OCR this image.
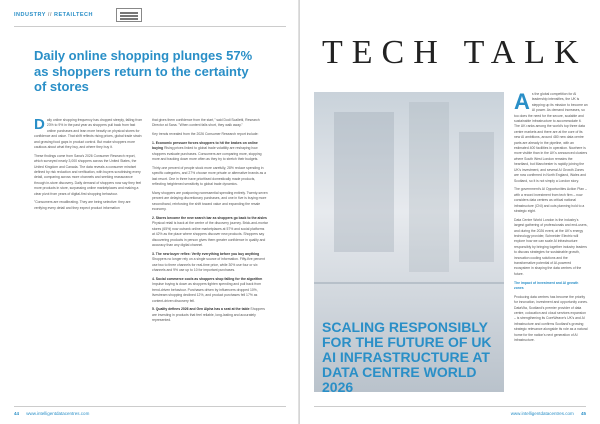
INDUSTRY // RETAILTECH
Daily online shopping plunges 57% as shoppers return to the certainty of stores

Daily online shopping frequency has dropped steeply, falling from 23% to 9% in the past year as shoppers pull back from fast online purchases and lean more heavily on physical stores for confidence and value. That shift reflects rising prices, global trade strain and growing food gaps in product control. But make shoppers more cautious about what they buy, and where they buy it.

These findings come from Sana's 2026 Consumer Research report, which surveyed nearly 3,000 shoppers across the United States, the United Kingdom and Canada. The data reveals a consumer mindset defined by risk reduction and verification, with buyers scrutinising every detail, comparing across more channels and seeking reassurance through in-store discovery. Daily demand of shoppers now say they feel more products in store, surpassing online marketplaces and making a clear pivot from years of digital-first shopping behaviour.

"Consumers are recalibrating. They are being selective: they are verifying every detail and they expect product information

that gives them confidence from the start," said Dodi Scalletti, Research Director at Sana. "When content falls short, they walk away."

Key trends revealed from the 2026 Consumer Research report include:

1. Economic pressure forces shoppers to hit the brakes on online buying Rising prices linked to global trade volatility are reshaping how shoppers evaluate purchases. Consumers are comparing more, stopping more and tracking down more often as they try to stretch their budgets.

Thirty-one percent of people stock more carefully, 28% reduce spending in specific categories, and 27% choose more private or alternative brands as a last resort. One in three have prioritised domestically made products, reflecting heightened sensitivity to global trade dynamics.

Many shoppers are postponing nonessential spending entirely. Twenty-seven percent are delaying discretionary purchases, and one in five is buying more secondhand, reinforcing the shift toward value and expanding the resale economy.

2. Stores become the new search bar as shoppers go back to the aisles Physical retail is back at the centre of the discovery journey. Brick-and-mortar stores (65%) now outrank online marketplaces at 57% and social platforms at 42% as the place where shoppers discover new products. Shoppers say discovering products in person gives them greater confidence in quality and accuracy than any digital channel.

3. The new buyer reflex: Verify everything before you buy anything Shoppers no longer rely on a single source of information. Fifty-five percent use two to three channels for real-time price, while 30% use four or six channels and 9% use up to 10 for important purchases.

4. Social commerce cools as shoppers shop falling for the algorithm Impulse buying is down as shoppers tighten spending and pull back from trend-driven behaviour. Purchases driven by influencers dropped 10%, livestream shopping declined 12%, and product purchases fell 17% as content-driven discovery fell.

5. Quality defines 2026 and Gen Alpha has a seat at the table Shoppers are investing in products that feel reliable, long-lasting and accurately represented.

44 www.intelligentdatacentres.com
TECH TALK
SCALING RESPONSIBLY FOR THE FUTURE OF UK AI INFRASTRUCTURE AT DATA CENTRE WORLD 2026

As the global competition for AI leadership intensifies, the UK is stepping up its mission to become an AI power. As demand increases, so too does the need for the secure, scalable and sustainable infrastructure to accommodate it. The UK ranks among the world's top three data centre markets and there are at the core of its new AI ambitions, around 480 new data centre parts are already in the pipeline, with an estimated 400 facilities in operation. Nowhere is more visible than in the UK's announced clusters where South West London remains the heartland, but Manchester is rapidly joining the UK's investment, and several AI Growth Zones are now confirmed in North England, Wales and Scotland, so it is not simply a London story.

The government's AI Opportunities Action Plan – with a record investment from tech firm – now considers data centres as critical national infrastructure (CNI) and cuts planning hold to a strategic eight.

Data Centre World London is the industry's largest gathering of professionals and end-users, and during the 2026 event, at the UK's energy technology provider, Schneider Electric will explore how we can scale AI infrastructure responsibly by bringing together industry leaders to discuss strategies for sustainable growth, innovation cooling solutions and the transformative potential of AI-powered ecosystem in shaping the data centres of the future.

The impact of investment and AI growth zones

Producing data centres has become the priority for innovation, investment and opportunity zones. DataVita, Scotland's premier provider of data centre, colocation and cloud services expansion – is strengthening its CoreWeave's UK's and AI infrastructure and confirms Scotland's growing strategic relevance alongside its role as a natural home for the nation's next generation of AI infrastructure.

www.intelligentdatacentres.com 45
